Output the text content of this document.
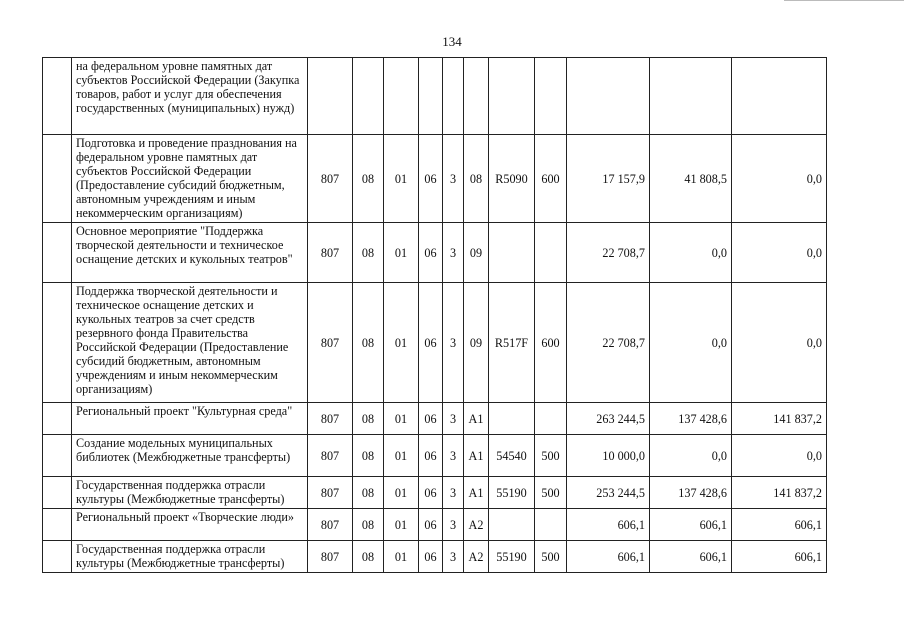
134
	на федеральном уровне памятных дат субъектов Российской Федерации (Закупка товаров, работ и услуг для обеспечения государственных (муниципальных) нужд)											
	Подготовка и проведение празднования на федеральном уровне памятных дат субъектов Российской Федерации (Предоставление субсидий бюджетным, автономным учреждениям и иным некоммерческим организациям)	807	08	01	06	3	08	R5090	600	17 157,9	41 808,5	0,0
	Основное мероприятие "Поддержка творческой деятельности и техническое оснащение детских и кукольных театров"	807	08	01	06	3	09			22 708,7	0,0	0,0
	Поддержка творческой деятельности и техническое оснащение детских и кукольных театров за счет средств резервного фонда Правительства Российской Федерации (Предоставление субсидий бюджетным, автономным учреждениям и иным некоммерческим организациям)	807	08	01	06	3	09	R517F	600	22 708,7	0,0	0,0
	Региональный проект "Культурная среда"	807	08	01	06	3	A1			263 244,5	137 428,6	141 837,2
	Создание модельных муниципальных библиотек (Межбюджетные трансферты)	807	08	01	06	3	A1	54540	500	10 000,0	0,0	0,0
	Государственная поддержка отрасли культуры (Межбюджетные трансферты)	807	08	01	06	3	A1	55190	500	253 244,5	137 428,6	141 837,2
	Региональный проект «Творческие люди»	807	08	01	06	3	A2			606,1	606,1	606,1
	Государственная поддержка отрасли культуры (Межбюджетные трансферты)	807	08	01	06	3	A2	55190	500	606,1	606,1	606,1
